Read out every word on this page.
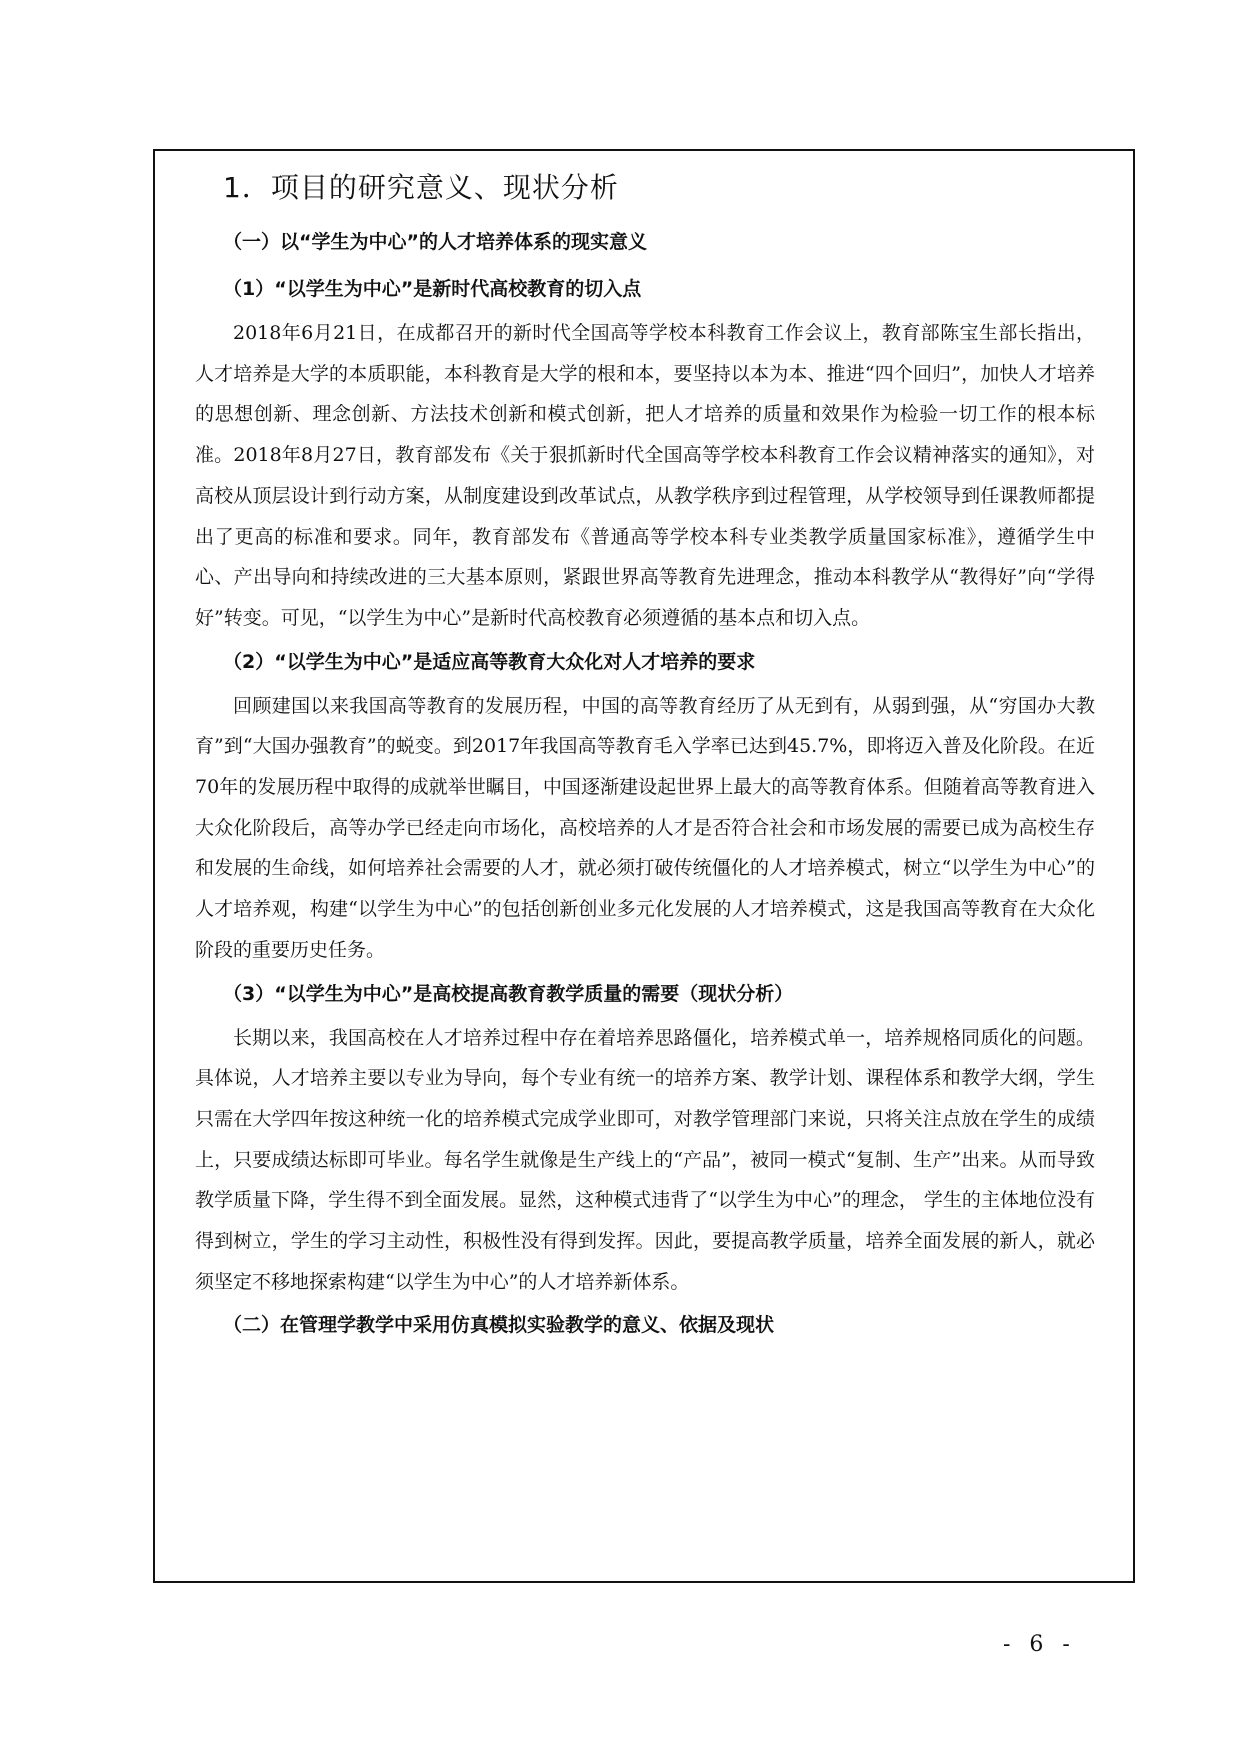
1．项目的研究意义、现状分析

（一）以“学生为中心”的人才培养体系的现实意义

（1）“以学生为中心”是新时代高校教育的切入点

2018年6月21日，在成都召开的新时代全国高等学校本科教育工作会议上，教育部陈宝生部长指出，人才培养是大学的本质职能，本科教育是大学的根和本，要坚持以本为本、推进“四个回归”，加快人才培养的思想创新、理念创新、方法技术创新和模式创新，把人才培养的质量和效果作为检验一切工作的根本标准。2018年8月27日，教育部发布《关于狠抓新时代全国高等学校本科教育工作会议精神落实的通知》，对高校从顶层设计到行动方案，从制度建设到改革试点，从教学秩序到过程管理，从学校领导到任课教师都提出了更高的标准和要求。同年，教育部发布《普通高等学校本科专业类教学质量国家标准》，遵循学生中心、产出导向和持续改进的三大基本原则，紧跟世界高等教育先进理念，推动本科教学从“教得好”向“学得好”转变。可见，“以学生为中心”是新时代高校教育必须遵循的基本点和切入点。

（2）“以学生为中心”是适应高等教育大众化对人才培养的要求

回顾建国以来我国高等教育的发展历程，中国的高等教育经历了从无到有，从弱到强，从“穷国办大教育”到“大国办强教育”的蜕变。到2017年我国高等教育毛入学率已达到45.7%，即将迈入普及化阶段。在近70年的发展历程中取得的成就举世瞩目，中国逐渐建设起世界上最大的高等教育体系。但随着高等教育进入大众化阶段后，高等办学已经走向市场化，高校培养的人才是否符合社会和市场发展的需要已成为高校生存和发展的生命线，如何培养社会需要的人才，就必须打破传统僵化的人才培养模式，树立“以学生为中心”的人才培养观，构建“以学生为中心”的包括创新创业多元化发展的人才培养模式，这是我国高等教育在大众化阶段的重要历史任务。

（3）“以学生为中心”是高校提高教育教学质量的需要（现状分析）

长期以来，我国高校在人才培养过程中存在着培养思路僵化，培养模式单一，培养规格同质化的问题。具体说，人才培养主要以专业为导向，每个专业有统一的培养方案、教学计划、课程体系和教学大纲，学生只需在大学四年按这种统一化的培养模式完成学业即可，对教学管理部门来说，只将关注点放在学生的成绩上，只要成绩达标即可毕业。每名学生就像是生产线上的“产品”，被同一模式“复制、生产”出来。从而导致教学质量下降，学生得不到全面发展。显然，这种模式违背了“以学生为中心”的理念， 学生的主体地位没有得到树立，学生的学习主动性，积极性没有得到发挥。因此，要提高教学质量，培养全面发展的新人，就必须坚定不移地探索构建“以学生为中心”的人才培养新体系。

（二）在管理学教学中采用仿真模拟实验教学的意义、依据及现状

- 6 -
